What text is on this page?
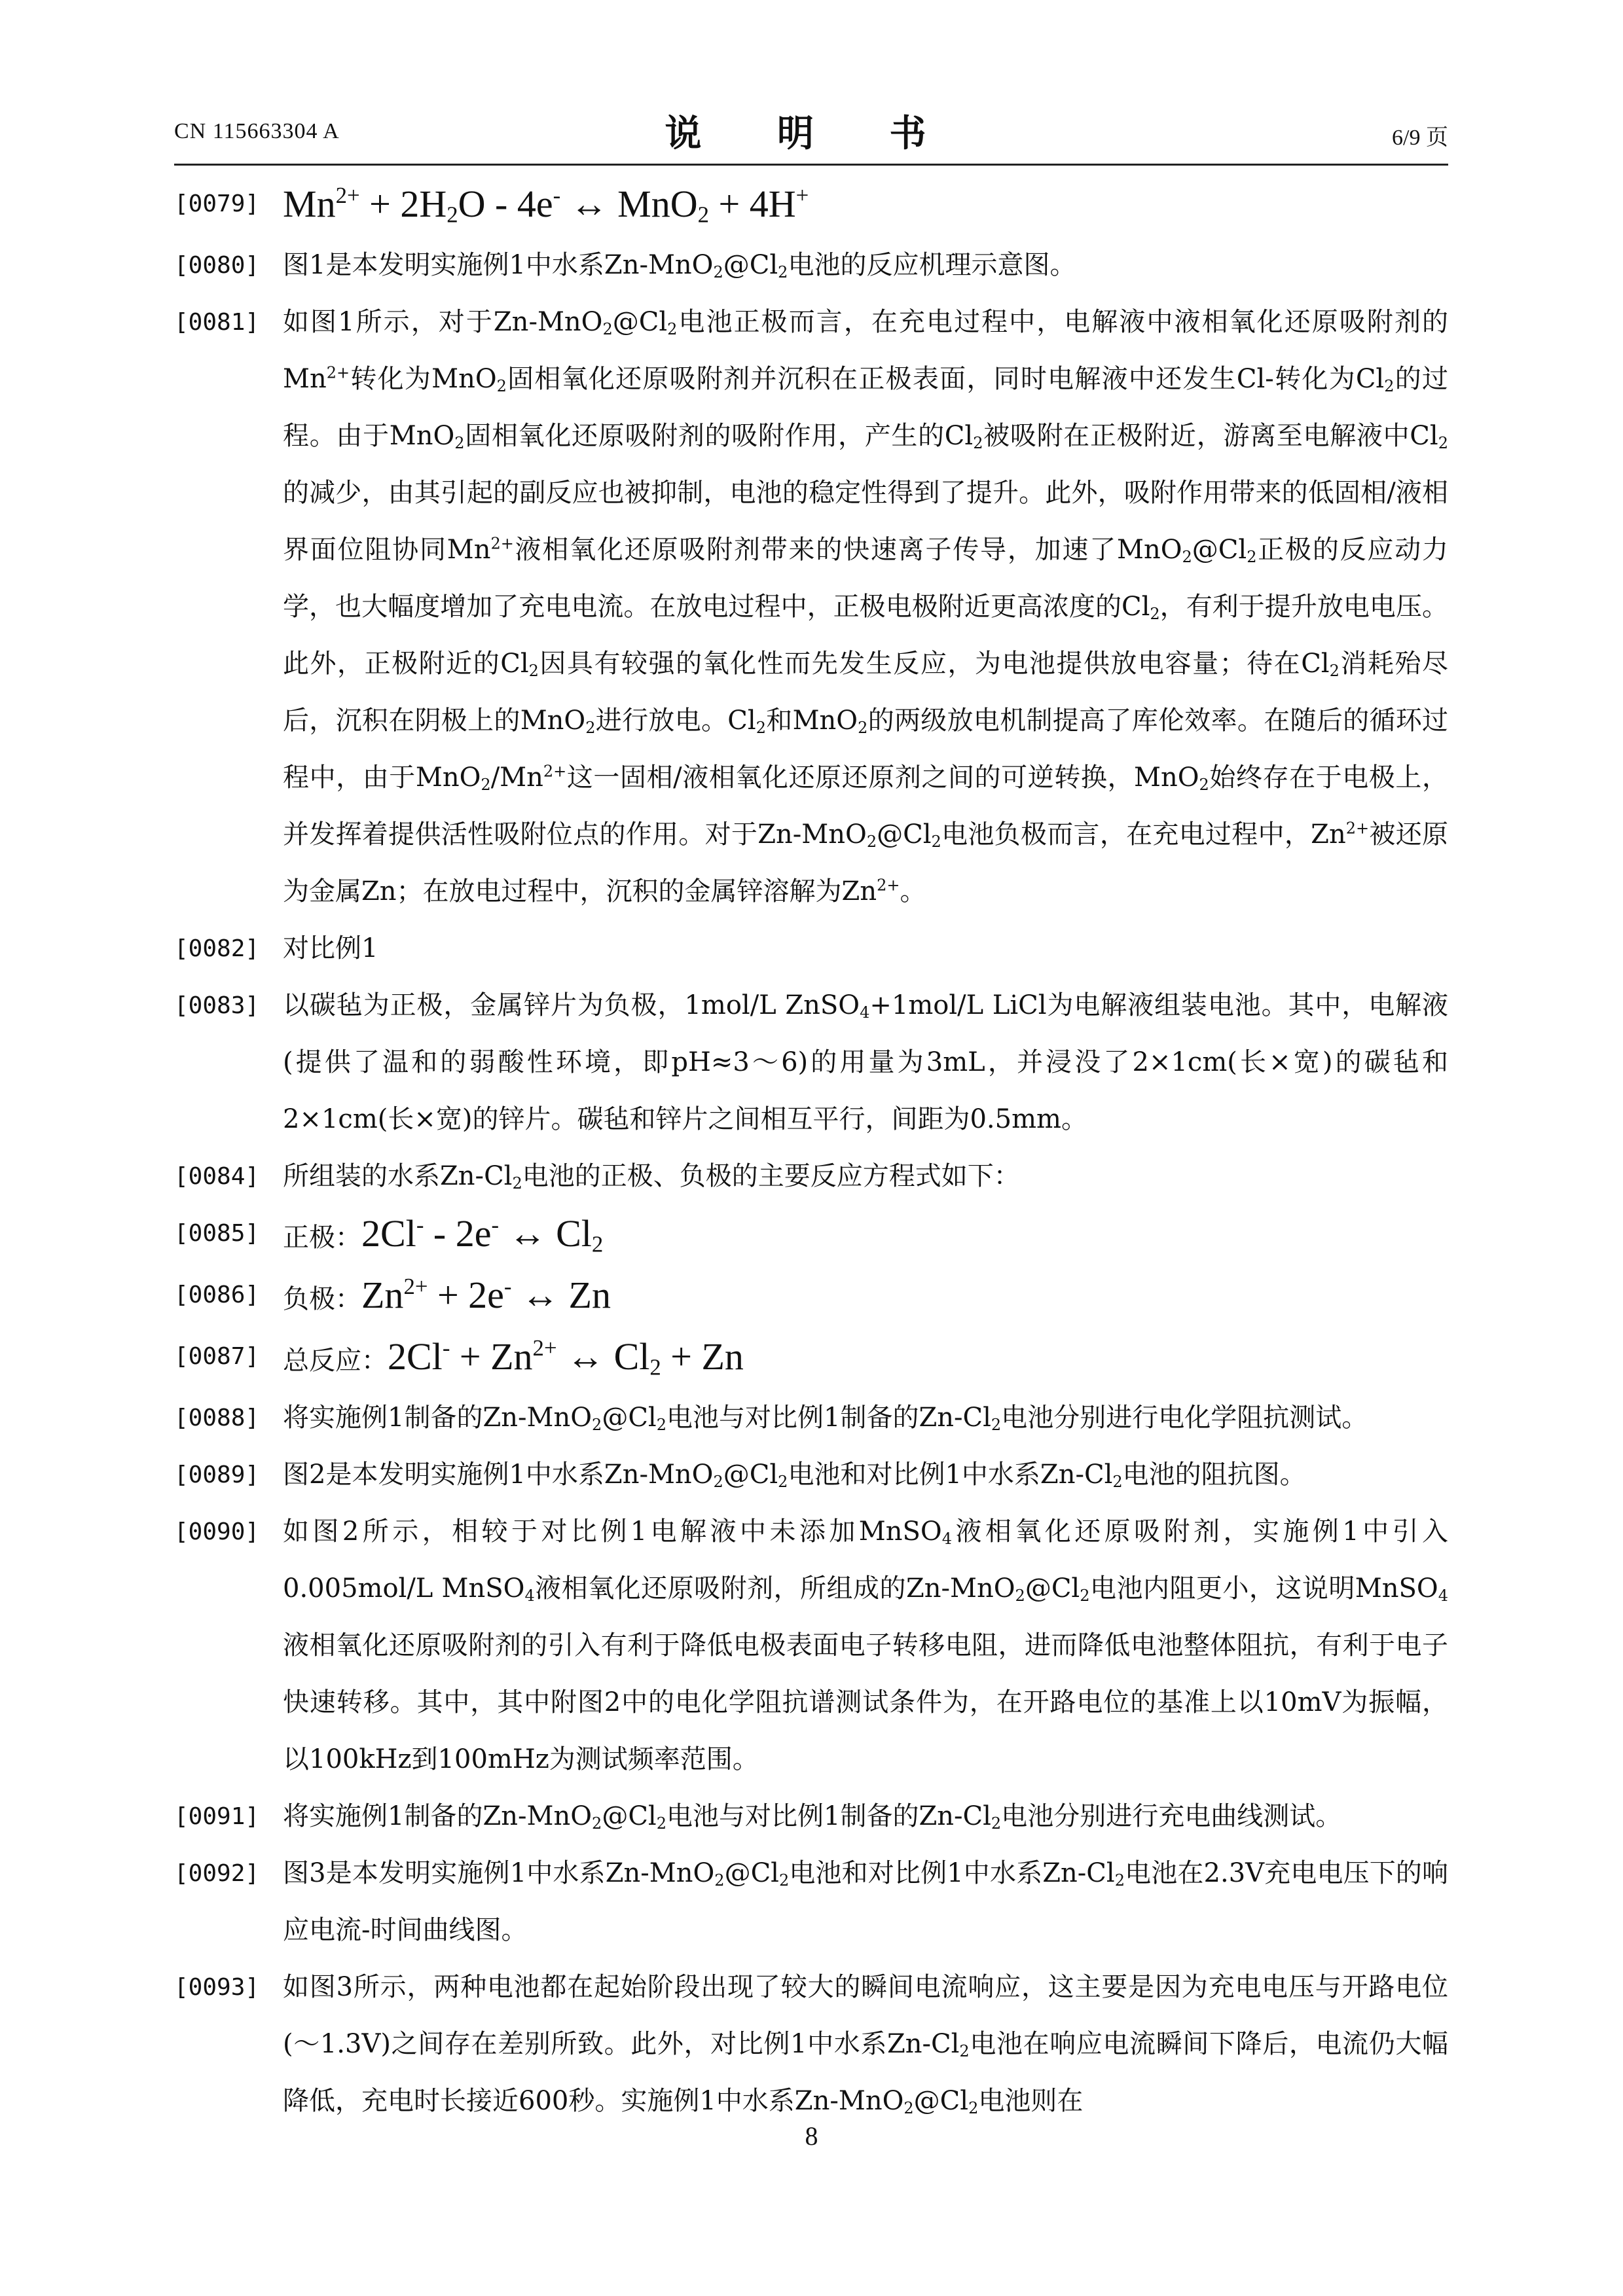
CN 115663304 A	说 明 书	6/9 页
[0079] $Mn^{2+} + 2H_2O - 4e^-$ ↔ MnO$_2$ + 4H+
[0080] 图1是本发明实施例1中水系$Zn-MnO_2@Cl_2$电池的反应机理示意图。
[0081] 如图1所示，对于$Zn-MnO_2@Cl_2$电池正极而言，在充电过程中，电解液中液相氧化还原吸附剂的$Mn^{2+}$转化为MnO$_2$固相氧化还原吸附剂并沉积在正极表面，同时电解液中还发生Cl-转化为$Cl_2$的过程。由于MnO$_2$固相氧化还原吸附剂的吸附作用，产生的$Cl_2$被吸附在正极附近，游离至电解液中$Cl_2$的减少，由其引起的副反应也被抑制，电池的稳定性得到了提升。此外，吸附作用带来的低固相/液相界面位阻协同$Mn^{2+}$液相氧化还原吸附剂带来的快速离子传导，加速了$MnO_2@Cl_2$正极的反应动力学，也大幅度增加了充电电流。在放电过程中，正极电极附近更高浓度的$Cl_2$，有利于提升放电电压。此外，正极附近的$Cl_2$因具有较强的氧化性而先发生反应，为电池提供放电容量；待在$Cl_2$消耗殆尽后，沉积在阴极上的MnO$_2$进行放电。$Cl_2$和MnO$_2$的两级放电机制提高了库伦效率。在随后的循环过程中，由于$MnO_2/Mn^{2+}$这一固相/液相氧化还原还原剂之间的可逆转换，MnO$_2$始终存在于电极上，并发挥着提供活性吸附位点的作用。对于$Zn-MnO_2@Cl_2$电池负极而言，在充电过程中，$Zn^{2+}$被还原为金属Zn；在放电过程中，沉积的金属锌溶解为$Zn^{2+}$。
[0082] 对比例1
[0083] 以碳毡为正极，金属锌片为负极，1mol/L ZnSO$_4$+1mol/L LiCl为电解液组装电池。其中，电解液(提供了温和的弱酸性环境，即pH≈3～6)的用量为3mL，并浸没了2×1cm(长×宽)的碳毡和2×1cm(长×宽)的锌片。碳毡和锌片之间相互平行，间距为0.5mm。
[0084] 所组装的水系$Zn-Cl_2$电池的正极、负极的主要反应方程式如下：
[0085] 正极：2Cl- - 2e- ↔ $Cl_2$
[0086] 负极：$Zn^{2+} + 2e^-$ ↔ Zn
[0087] 总反应：$2Cl^- + Zn^{2+}$ ↔ $Cl_2 + Zn$
[0088] 将实施例1制备的$Zn-MnO_2@Cl_2$电池与对比例1制备的$Zn-Cl_2$电池分别进行电化学阻抗测试。
[0089] 图2是本发明实施例1中水系$Zn-MnO_2@Cl_2$电池和对比例1中水系$Zn-Cl_2$电池的阻抗图。
[0090] 如图2所示，相较于对比例1电解液中未添加MnSO$_4$液相氧化还原吸附剂，实施例1中引入0.005mol/L MnSO$_4$液相氧化还原吸附剂，所组成的$Zn-MnO_2@Cl_2$电池内阻更小，这说明MnSO$_4$液相氧化还原吸附剂的引入有利于降低电极表面电子转移电阻，进而降低电池整体阻抗，有利于电子快速转移。其中，其中附图2中的电化学阻抗谱测试条件为，在开路电位的基准上以10mV为振幅，以100kHz到100mHz为测试频率范围。
[0091] 将实施例1制备的$Zn-MnO_2@Cl_2$电池与对比例1制备的$Zn-Cl_2$电池分别进行充电曲线测试。
[0092] 图3是本发明实施例1中水系$Zn-MnO_2@Cl_2$电池和对比例1中水系$Zn-Cl_2$电池在2.3V充电电压下的响应电流-时间曲线图。
[0093] 如图3所示，两种电池都在起始阶段出现了较大的瞬间电流响应，这主要是因为充电电压与开路电位(～1.3V)之间存在差别所致。此外，对比例1中水系$Zn-Cl_2$电池在响应电流瞬间下降后，电流仍大幅降低，充电时长接近600秒。实施例1中水系$Zn-MnO_2@Cl_2$电池则在
8
